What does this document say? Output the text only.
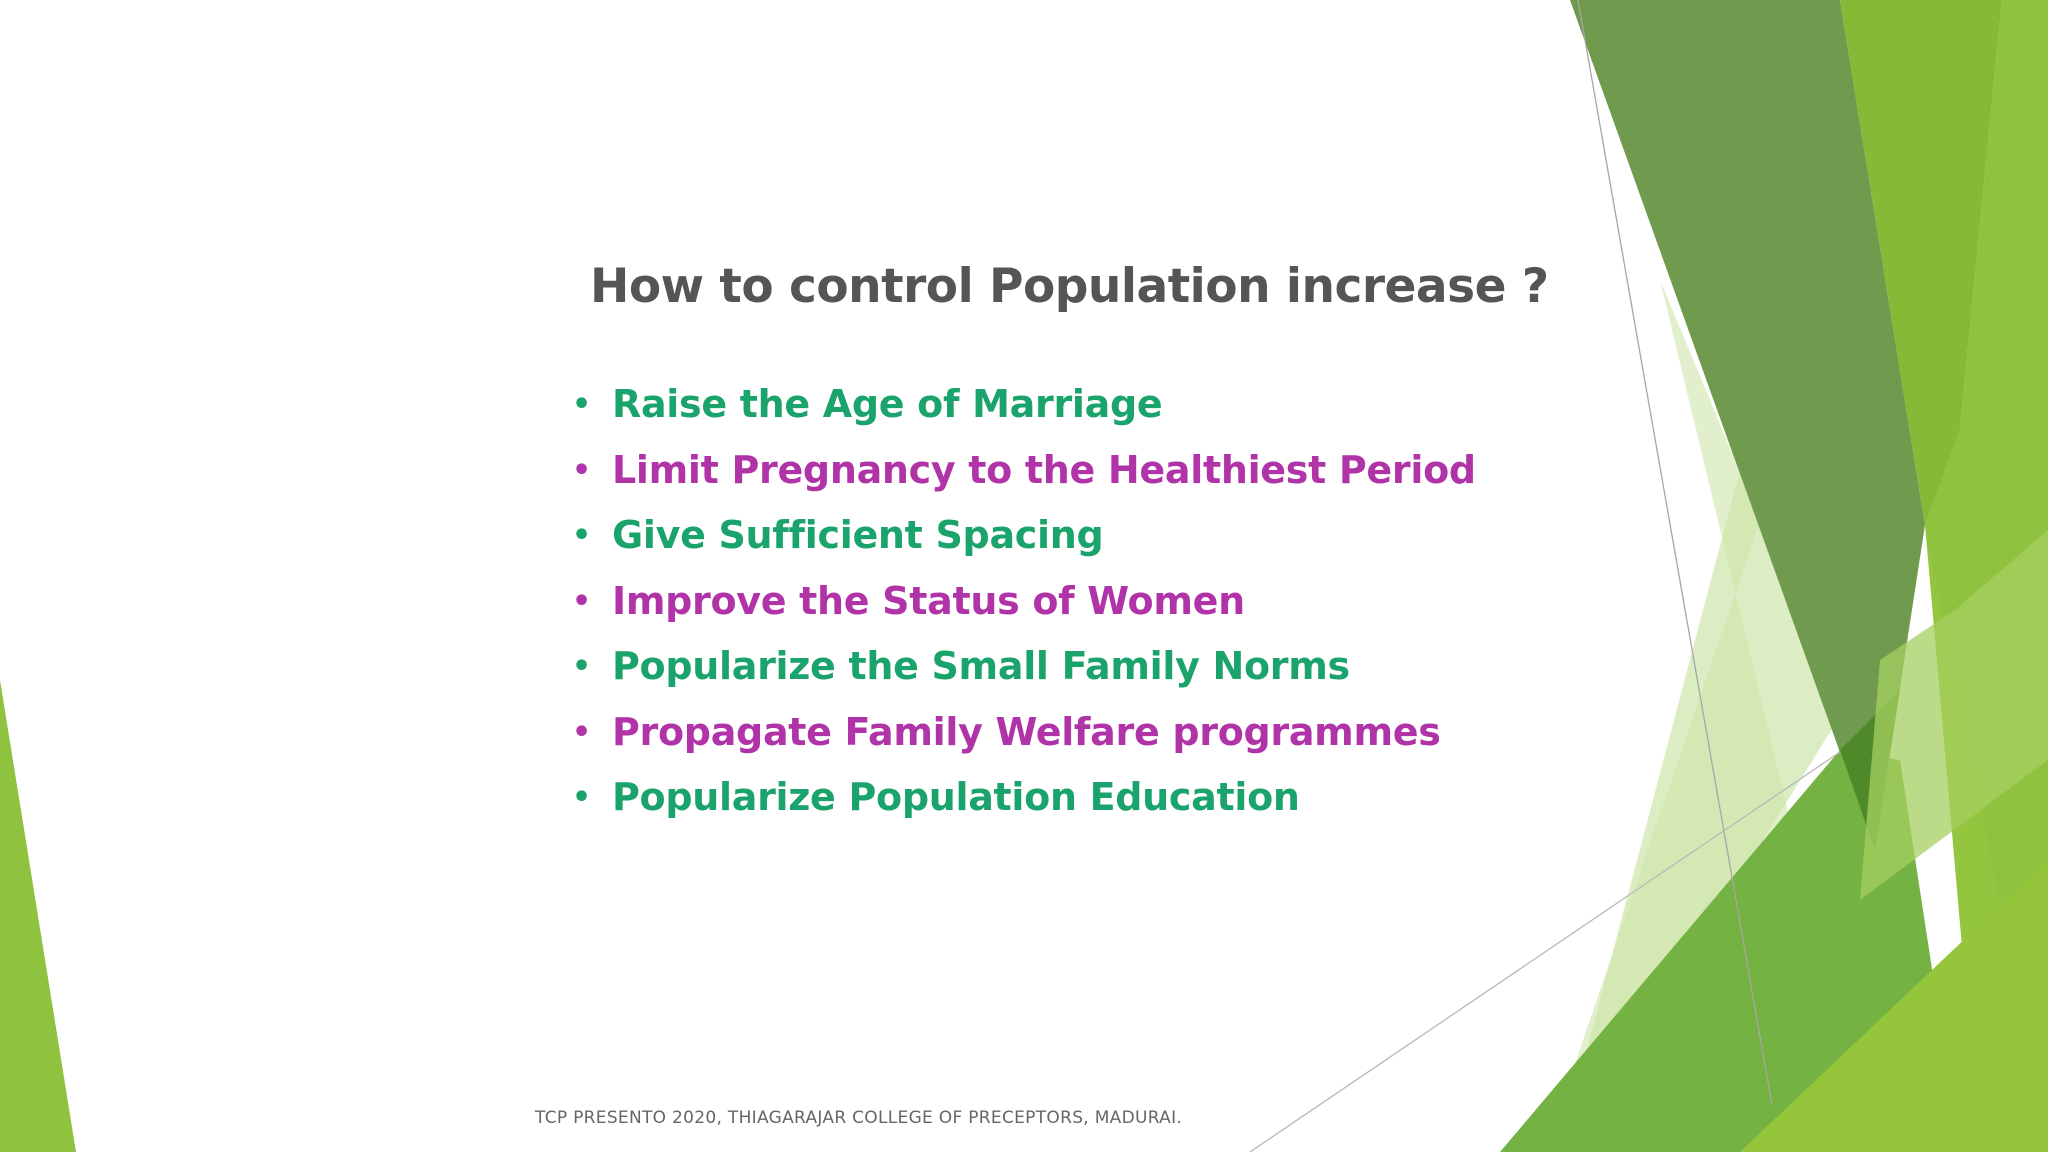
How to control Population increase ?
• Raise the Age of Marriage
• Limit Pregnancy to the Healthiest Period
• Give Sufficient Spacing
• Improve the Status of Women
• Popularize the Small Family Norms
• Propagate Family Welfare programmes
• Popularize Population Education
TCP PRESENTO 2020, THIAGARAJAR COLLEGE OF PRECEPTORS, MADURAI.
